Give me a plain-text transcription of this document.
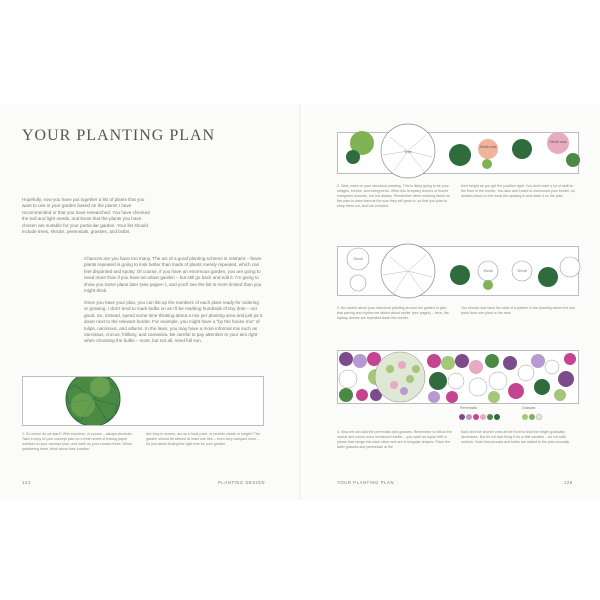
YOUR PLANTING PLAN
Hopefully, now you have put together a list of plants that you want to use in your garden based on the plants I have recommended or that you have researched. You have checked the soil and light needs, and know that the plants you have chosen are suitable for your particular garden. Your list should include trees, shrubs, perennials, grasses, and bulbs.
Chances are you have too many. The act of a good planting scheme is restraint – fewer plants repeated is going to look better than loads of plants merely repeated, which can feel disjointed and spotty. Of course, if you have an enormous garden, you are going to need more than if you have an urban garden – but still go back and edit it. I'm going to show you some plans later (see pages–), and you'll see the list is more limited than you might think.
Once you have your plan, you can list up the numbers of each plant ready for ordering or growing. I don't tend to mark bulbs on as I'll be marking hundreds of tiny dots – not good. So, instead, spend some time thinking about a mix per planting area and just jot it down next to the relevant border. For example, you might have a "by the house mix" of tulips, narcissus, and alliums. In the lawn, you may have a more informal mix such as narcissus, crocus, fritillary, and camassia. Be careful to pay attention to your aim right when choosing the bulbs – most, but not all, need full sun.
1. So where do we start? With structure, of course – always structure. Take a copy of your concept plan on a fresh sheet of tracing paper overlaid on your concept plan, and mark on your chosen trees. When positioning trees, think about their function.
Are they to screen, act as a focal point, or provide shade or height? The garden should be without at least one tree – even very compact ones – it's just about finding the right tree for your garden.
124	PLANTING DESIGN
Tree
Shrub rose
Shrub rose
2. Next, mark on your structural planting. This is likely going to be your hedges, shrubs, and evergreens. Often this is topiary domes or thumb evergreen mounds, but not always. Remember when marking these on the plan to draw them at the size they will grow to, so that you plan to keep them cut, and not crowded.
their height as you get the position right. You don't want a lot of stuff at the front of the border. You also don't want to overcrowd your border, so double-check on the what the spacing is and mark it on the plan.
Shrub
Shrub	Shrub
3. Be careful about your structural planting around the garden to give that pacing and rhythm we talked about earlier (see pages) – here, the topiary domes are repeated down the border.
You should now have the start of a pattern in the planting where the eye pairs from one plant to the next.
Perennials	Grasses
4. Now we can add the perennials and grasses. Remember to follow the repeat and colour rules mentioned earlier – you want an equal drift of plants that merge into each other and are in irregular shapes. Place the taller grasses and perennials at the
back and the shorter ones at the front so that the height gradually decreases. But it's not bad thing if it's a little variable – do not stick uniform. Note that annuals and bulbs are added to the plan annually.
YOUR PLANTING PLAN	125
